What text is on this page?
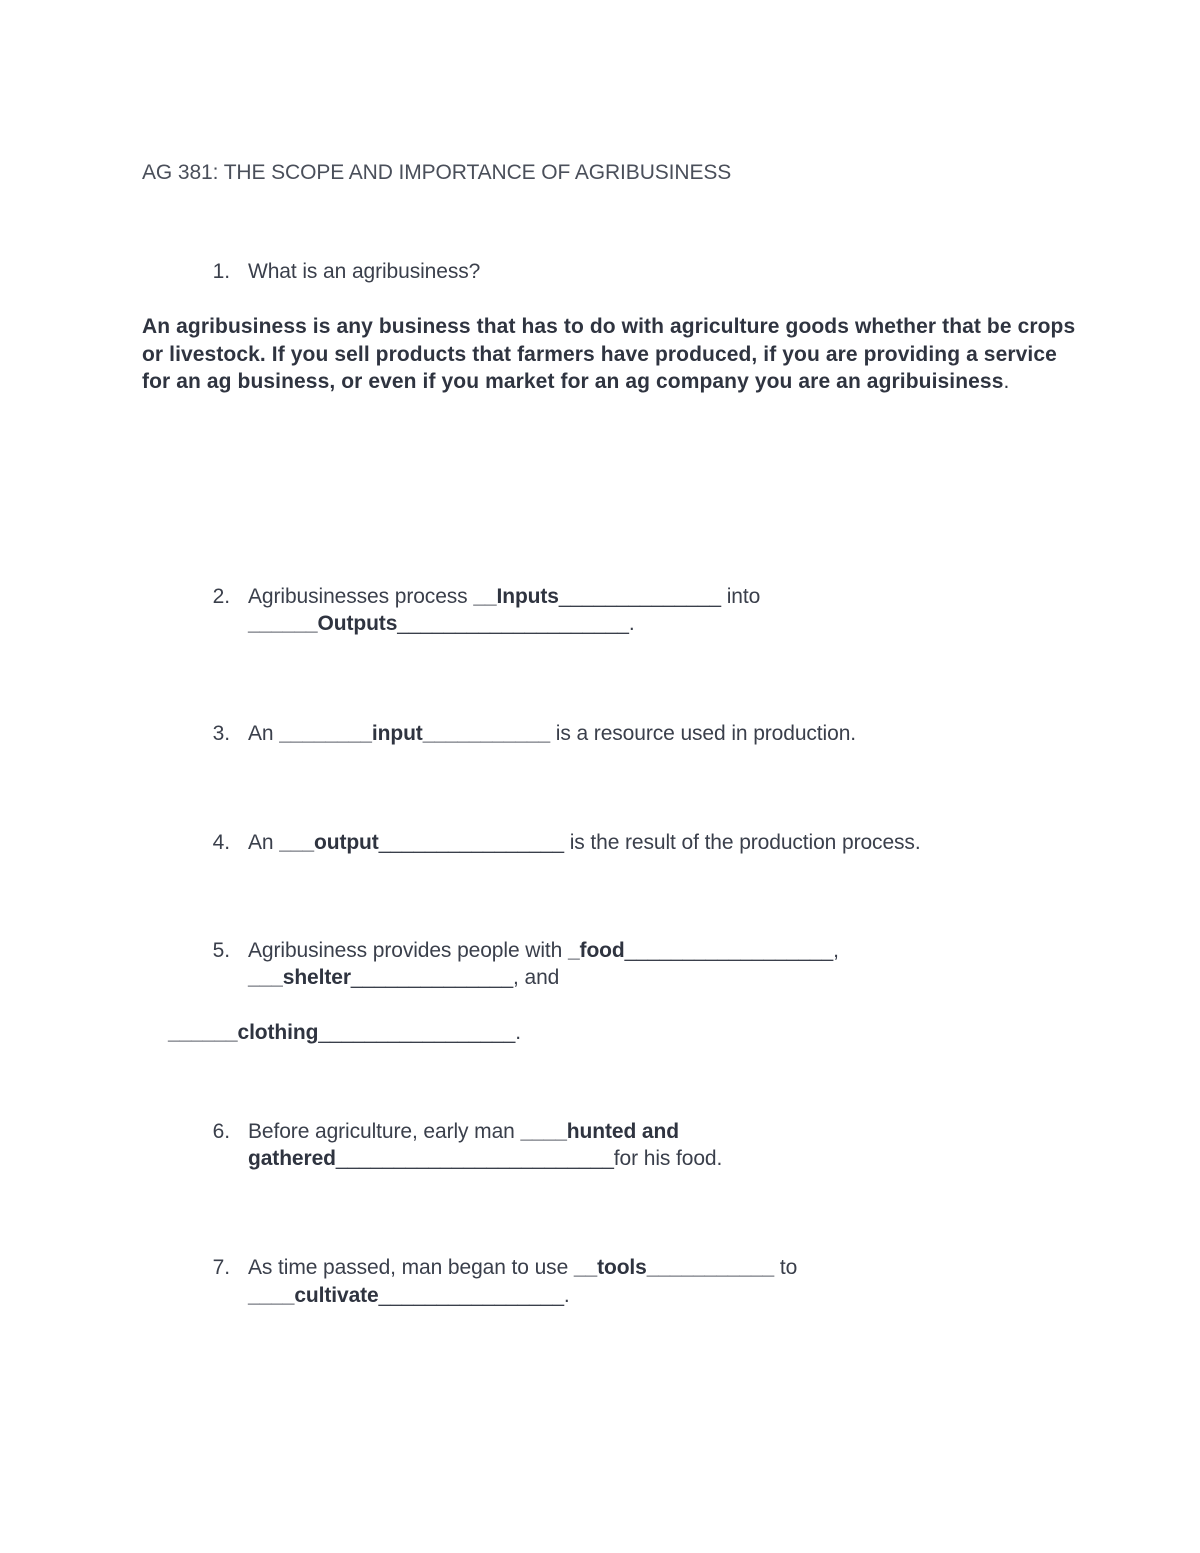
AG 381: THE SCOPE AND IMPORTANCE OF AGRIBUSINESS
1. What is an agribusiness?
An agribusiness is any business that has to do with agriculture goods whether that be crops or livestock. If you sell products that farmers have produced, if you are providing a service for an ag business, or even if you market for an ag company you are an agribuisiness.
2. Agribusinesses process __Inputs______________ into
______Outputs____________________.
3. An ________input___________ is a resource used in production.
4. An ___output________________ is the result of the production process.
5. Agribusiness provides people with _food__________________,
___shelter______________, and
______clothing_________________.
6. Before agriculture, early man ____hunted and
gathered________________________for his food.
7. As time passed, man began to use __tools___________ to
____cultivate________________.
